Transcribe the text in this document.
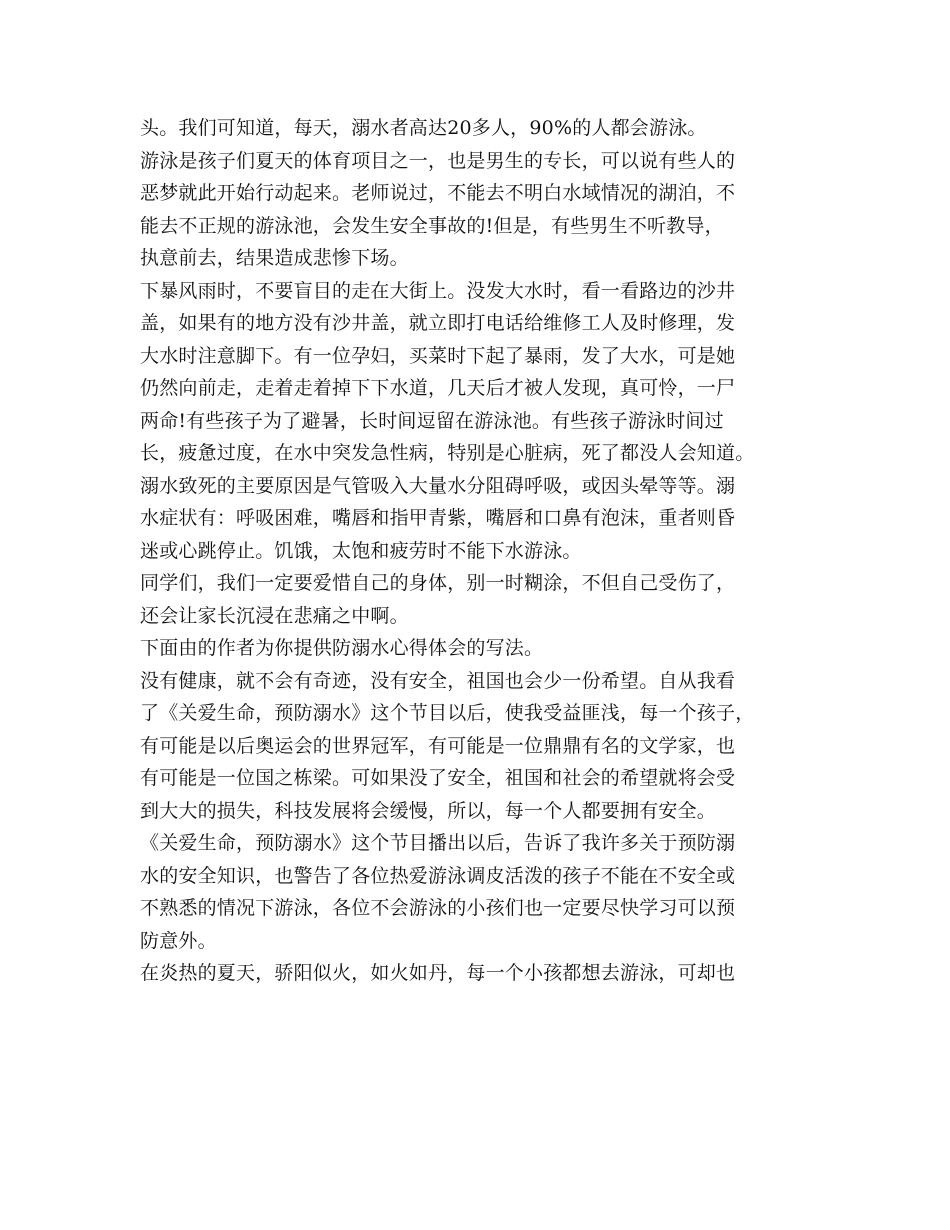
头。我们可知道，每天，溺水者高达20多人，90%的人都会游泳。
游泳是孩子们夏天的体育项目之一，也是男生的专长，可以说有些人的
恶梦就此开始行动起来。老师说过，不能去不明白水域情况的湖泊，不
能去不正规的游泳池，会发生安全事故的!但是，有些男生不听教导，
执意前去，结果造成悲惨下场。
下暴风雨时，不要盲目的走在大街上。没发大水时，看一看路边的沙井
盖，如果有的地方没有沙井盖，就立即打电话给维修工人及时修理，发
大水时注意脚下。有一位孕妇，买菜时下起了暴雨，发了大水，可是她
仍然向前走，走着走着掉下下水道，几天后才被人发现，真可怜，一尸
两命!有些孩子为了避暑，长时间逗留在游泳池。有些孩子游泳时间过
长，疲惫过度，在水中突发急性病，特别是心脏病，死了都没人会知道。
溺水致死的主要原因是气管吸入大量水分阻碍呼吸，或因头晕等等。溺
水症状有：呼吸困难，嘴唇和指甲青紫，嘴唇和口鼻有泡沫，重者则昏
迷或心跳停止。饥饿，太饱和疲劳时不能下水游泳。
同学们，我们一定要爱惜自己的身体，别一时糊涂，不但自己受伤了，
还会让家长沉浸在悲痛之中啊。
下面由的作者为你提供防溺水心得体会的写法。
没有健康，就不会有奇迹，没有安全，祖国也会少一份希望。自从我看
了《关爱生命，预防溺水》这个节目以后，使我受益匪浅，每一个孩子，
有可能是以后奥运会的世界冠军，有可能是一位鼎鼎有名的文学家，也
有可能是一位国之栋梁。可如果没了安全，祖国和社会的希望就将会受
到大大的损失，科技发展将会缓慢，所以，每一个人都要拥有安全。
《关爱生命，预防溺水》这个节目播出以后，告诉了我许多关于预防溺
水的安全知识，也警告了各位热爱游泳调皮活泼的孩子不能在不安全或
不熟悉的情况下游泳，各位不会游泳的小孩们也一定要尽快学习可以预
防意外。
在炎热的夏天，骄阳似火，如火如丹，每一个小孩都想去游泳，可却也
